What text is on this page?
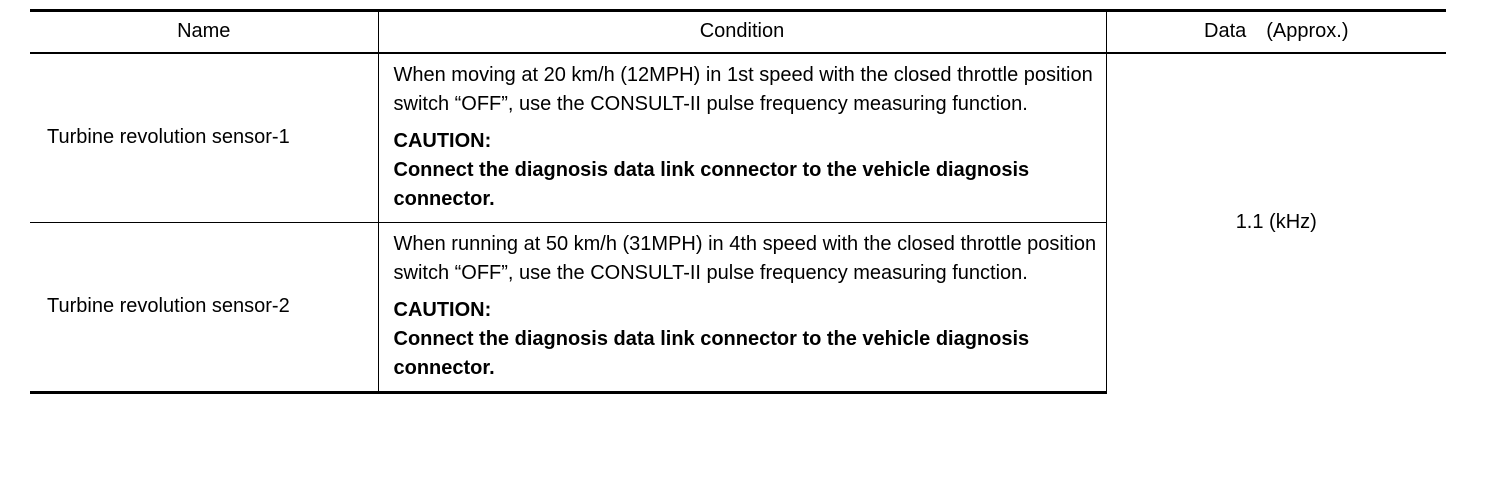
Name	Condition	Data (Approx.)
Turbine revolution sensor-1	When moving at 20 km/h (12MPH) in 1st speed with the closed throttle position switch “OFF”, use the CONSULT-II pulse frequency measuring function.

CAUTION:

Connect the diagnosis data link connector to the vehicle diagnosis connector.	1.1 (kHz)
Turbine revolution sensor-2	When running at 50 km/h (31MPH) in 4th speed with the closed throttle position switch “OFF”, use the CONSULT-II pulse frequency measuring function.

CAUTION:

Connect the diagnosis data link connector to the vehicle diagnosis connector.	
